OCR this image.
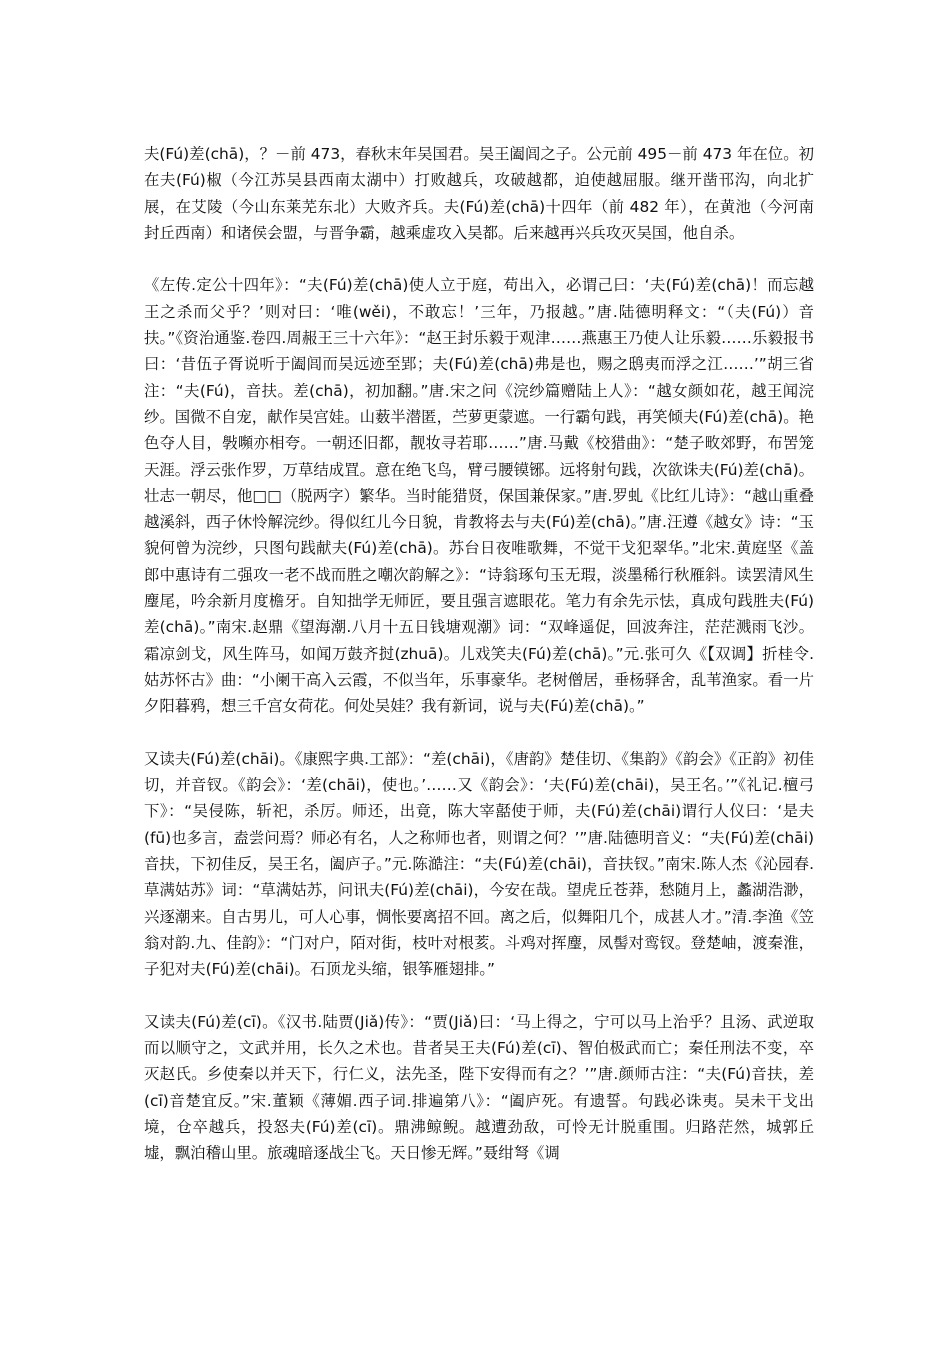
夫(Fú)差(chā)，？－前 473，春秋末年吴国君。吴王阖闾之子。公元前 495－前 473 年在位。初在夫(Fú)椒（今江苏吴县西南太湖中）打败越兵，攻破越都，迫使越屈服。继开凿邗沟，向北扩展，在艾陵（今山东莱芜东北）大败齐兵。夫(Fú)差(chā)十四年（前 482 年），在黄池（今河南封丘西南）和诸侯会盟，与晋争霸，越乘虚攻入吴都。后来越再兴兵攻灭吴国，他自杀。

《左传.定公十四年》：“夫(Fú)差(chā)使人立于庭，苟出入，必谓己曰：‘夫(Fú)差(chā)！而忘越王之杀而父乎？’则对曰：‘唯(wěi)，不敢忘！’三年，乃报越。”唐.陆德明释文：“（夫(Fú)）音扶。”《资治通鉴.卷四.周赧王三十六年》：“赵王封乐毅于观津……燕惠王乃使人让乐毅……乐毅报书曰：‘昔伍子胥说听于阖闾而吴远迹至郢；夫(Fú)差(chā)弗是也，赐之鸱夷而浮之江……’”胡三省注：“夫(Fú)，音扶。差(chā)，初加翻。”唐.宋之问《浣纱篇赠陆上人》：“越女颜如花，越王闻浣纱。国微不自宠，献作吴宫娃。山薮半潜匿，苎萝更蒙遮。一行霸句践，再笑倾夫(Fú)差(chā)。艳色夺人目，斅嚬亦相夸。一朝还旧都，靓妆寻若耶……”唐.马戴《校猎曲》：“楚子畋郊野，布罟笼天涯。浮云张作罗，万草结成罝。意在绝飞鸟，臂弓腰镆铘。远将射句践，次欲诛夫(Fú)差(chā)。壮志一朝尽，他□□（脱两字）繁华。当时能猎贤，保国兼保家。”唐.罗虬《比红儿诗》：“越山重叠越溪斜，西子休怜解浣纱。得似红儿今日貌，肯教将去与夫(Fú)差(chā)。”唐.汪遵《越女》诗：“玉貌何曾为浣纱，只图句践献夫(Fú)差(chā)。苏台日夜唯歌舞，不觉干戈犯翠华。”北宋.黄庭坚《盖郎中惠诗有二强攻一老不战而胜之嘲次韵解之》：“诗翁琢句玉无瑕，淡墨稀行秋雁斜。读罢清风生麈尾，吟余新月度檐牙。自知拙学无师匠，要且强言遮眼花。笔力有余先示怯，真成句践胜夫(Fú)差(chā)。”南宋.赵鼎《望海潮.八月十五日钱塘观潮》词：“双峰遥促，回波奔注，茫茫溅雨飞沙。霜凉剑戈，风生阵马，如闻万鼓齐挝(zhuā)。儿戏笑夫(Fú)差(chā)。”元.张可久《【双调】折桂令.姑苏怀古》曲：“小阑干高入云霞，不似当年，乐事豪华。老树僧居，垂杨驿舍，乱苇渔家。看一片夕阳暮鸦，想三千宫女荷花。何处吴娃？我有新词，说与夫(Fú)差(chā)。”

又读夫(Fú)差(chāi)。《康熙字典.工部》：“差(chāi)，《唐韵》楚佳切、《集韵》《韵会》《正韵》初佳切，并音钗。《韵会》：‘差(chāi)，使也。’……又《韵会》：‘夫(Fú)差(chāi)，吴王名。’”《礼记.檀弓下》：“吴侵陈，斩祀，杀厉。师还，出竟，陈大宰嚭使于师，夫(Fú)差(chāi)谓行人仪曰：‘是夫(fū)也多言，盍尝问焉？师必有名，人之称师也者，则谓之何？’”唐.陆德明音义：“夫(Fú)差(chāi)音扶，下初佳反，吴王名，阖庐子。”元.陈澔注：“夫(Fú)差(chāi)，音扶钗。”南宋.陈人杰《沁园春.草满姑苏》词：“草满姑苏，问讯夫(Fú)差(chāi)，今安在哉。望虎丘苍莽，愁随月上，蠡湖浩渺，兴逐潮来。自古男儿，可人心事，惆怅要离招不回。离之后，似舞阳几个，成甚人才。”清.李渔《笠翁对韵.九、佳韵》：“门对户，陌对街，枝叶对根荄。斗鸡对挥麈，凤髻对鸾钗。登楚岫，渡秦淮，子犯对夫(Fú)差(chāi)。石顶龙头缩，银筝雁翅排。”

又读夫(Fú)差(cī)。《汉书.陆贾(Jiǎ)传》：“贾(Jiǎ)曰：‘马上得之，宁可以马上治乎？且汤、武逆取而以顺守之，文武并用，长久之术也。昔者吴王夫(Fú)差(cī)、智伯极武而亡；秦任刑法不变，卒灭赵氏。乡使秦以并天下，行仁义，法先圣，陛下安得而有之？’”唐.颜师古注：“夫(Fú)音扶，差(cī)音楚宜反。”宋.董颖《薄媚.西子词.排遍第八》：“阖庐死。有遗誓。句践必诛夷。吴未干戈出境，仓卒越兵，投怒夫(Fú)差(cī)。鼎沸鲸鲵。越遭劲敌，可怜无计脱重围。归路茫然，城郭丘墟，飘泊稽山里。旅魂暗逐战尘飞。天日惨无辉。”聂绀弩《调
